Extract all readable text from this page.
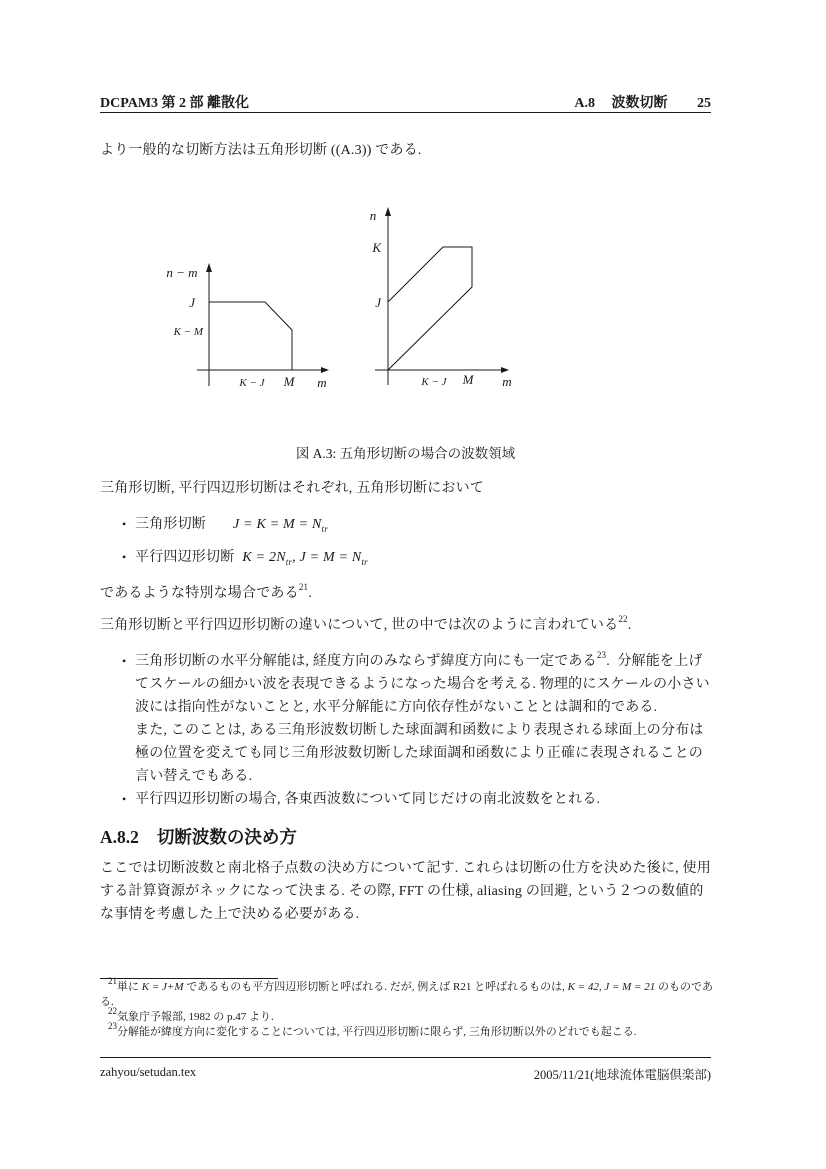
DCPAM3 第 2 部 離散化	A.8 波数切断 25
より一般的な切断方法は五角形切断 ((A.3)) である.
n − m
J
K − M
K − J M m
n
K
J
K − J M m
図 A.3: 五角形切断の場合の波数領域
三角形切断, 平行四辺形切断はそれぞれ, 五角形切断において
• 三角形切断 $J = K = M = N_{tr}$
• 平行四辺形切断 $K = 2N_{tr}$, $J = M = N_{tr}$
であるような特別な場合である$^{21}$.
三角形切断と平行四辺形切断の違いについて, 世の中では次のように言われている$^{22}$.
• 三角形切断の水平分解能は, 経度方向のみならず緯度方向にも一定である$^{23}$.  分解能を上げてスケールの細かい波を表現できるようになった場合を考える. 物理的にスケールの小さい波には指向性がないことと, 水平分解能に方向依存性がないこととは調和的である.
また, このことは, ある三角形波数切断した球面調和函数により表現される球面上の分布は極の位置を変えても同じ三角形波数切断した球面調和函数により正確に表現されることの言い替えでもある.
• 平行四辺形切断の場合, 各東西波数について同じだけの南北波数をとれる.
A.8.2 切断波数の決め方
ここでは切断波数と南北格子点数の決め方について記す. これらは切断の仕方を決めた後に, 使用する計算資源がネックになって決まる. その際, FFT の仕様, aliasing の回避, という２つの数値的な事情を考慮した上で決める必要がある.

$^{21}$単に K = J+M であるものも平方四辺形切断と呼ばれる. だが, 例えば R21 と呼ばれるものは, K = 42, J = M = 21 のものである.

$^{22}$気象庁予報部, 1982 の p.47 より.

$^{23}$分解能が緯度方向に変化することについては, 平行四辺形切断に限らず, 三角形切断以外のどれでも起こる.

zahyou/setudan.tex	2005/11/21(地球流体電脳倶楽部)
